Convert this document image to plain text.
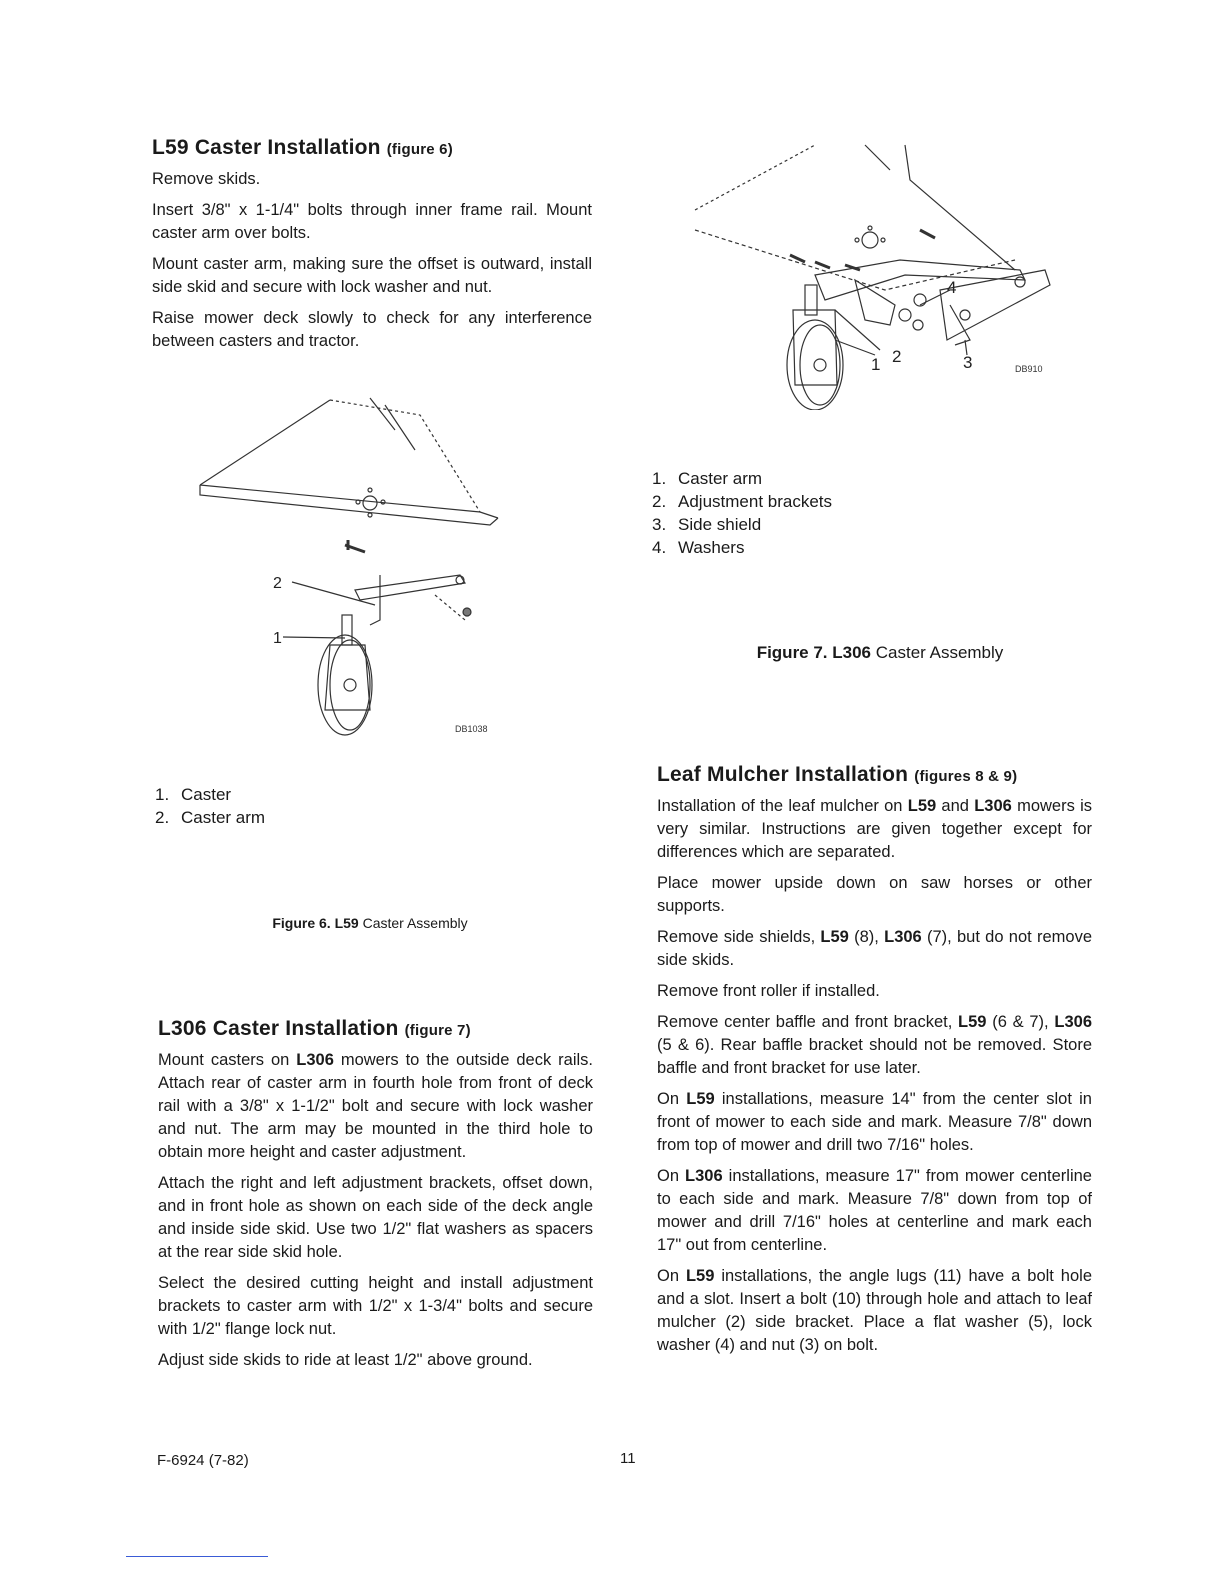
L59 Caster Installation (figure 6)

Remove skids.

Insert 3/8" x 1-1/4" bolts through inner frame rail. Mount caster arm over bolts.

Mount caster arm, making sure the offset is outward, install side skid and secure with lock washer and nut.

Raise mower deck slowly to check for any interference between casters and tractor.

2
1
DB1038
1. Caster
2. Caster arm
Figure 6. L59 Caster Assembly
L306 Caster Installation (figure 7)

Mount casters on L306 mowers to the outside deck rails. Attach rear of caster arm in fourth hole from front of deck rail with a 3/8" x 1-1/2" bolt and secure with lock washer and nut. The arm may be mounted in the third hole to obtain more height and caster adjustment.

Attach the right and left adjustment brackets, offset down, and in front hole as shown on each side of the deck angle and inside side skid. Use two 1/2" flat washers as spacers at the rear side skid hole.

Select the desired cutting height and install adjustment brackets to caster arm with 1/2" x 1-3/4" bolts and secure with 1/2" flange lock nut.

Adjust side skids to ride at least 1/2" above ground.

4
1 2	3	DB910
1. Caster arm
2. Adjustment brackets
3. Side shield
4. Washers
Figure 7. L306 Caster Assembly
Leaf Mulcher Installation (figures 8 & 9)

Installation of the leaf mulcher on L59 and L306 mowers is very similar. Instructions are given together except for differences which are separated.

Place mower upside down on saw horses or other supports.

Remove side shields, L59 (8), L306 (7), but do not remove side skids.

Remove front roller if installed.

Remove center baffle and front bracket, L59 (6 & 7), L306 (5 & 6). Rear baffle bracket should not be removed. Store baffle and front bracket for use later.

On L59 installations, measure 14" from the center slot in front of mower to each side and mark. Measure 7/8" down from top of mower and drill two 7/16" holes.

On L306 installations, measure 17" from mower centerline to each side and mark. Measure 7/8" down from top of mower and drill 7/16" holes at centerline and mark each 17" out from centerline.

On L59 installations, the angle lugs (11) have a bolt hole and a slot. Insert a bolt (10) through hole and attach to leaf mulcher (2) side bracket. Place a flat washer (5), lock washer (4) and nut (3) on bolt.

F-6924 (7-82)	11
